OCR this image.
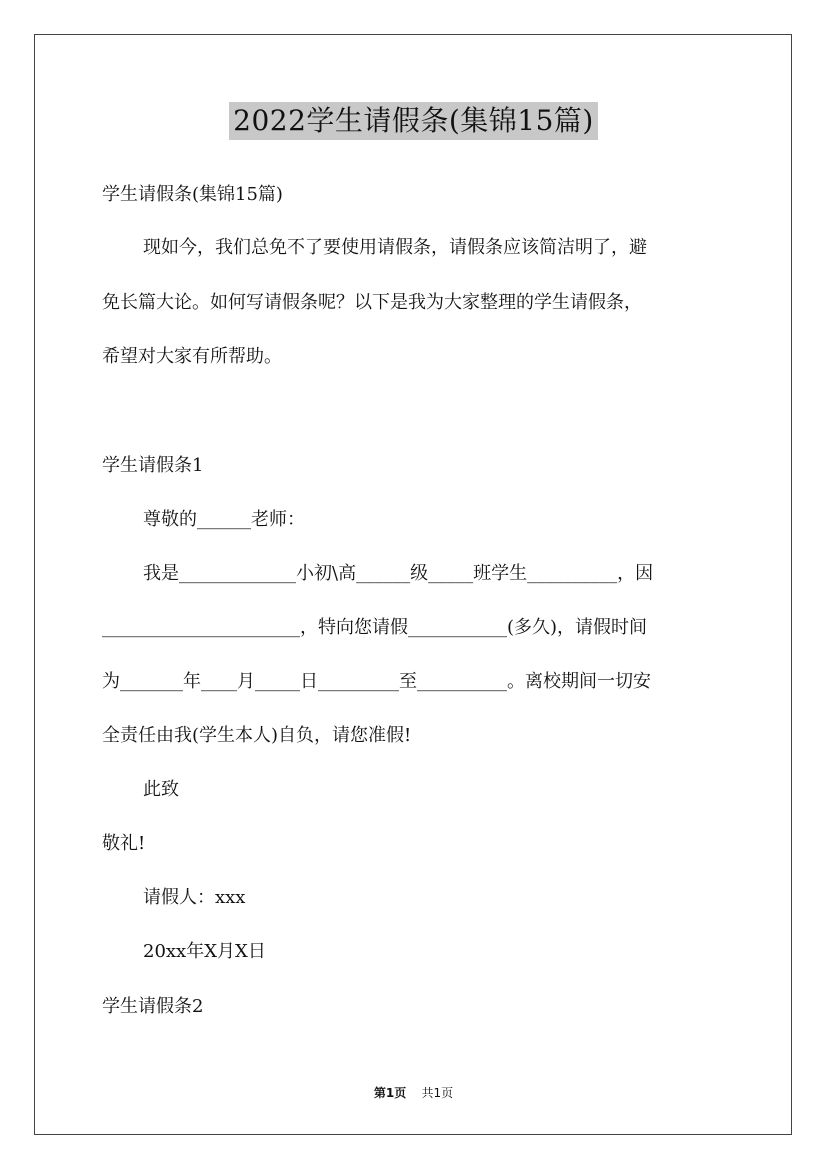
2022学生请假条(集锦15篇)
学生请假条(集锦15篇)
现如今，我们总免不了要使用请假条，请假条应该简洁明了，避
免长篇大论。如何写请假条呢？以下是我为大家整理的学生请假条，
希望对大家有所帮助。
学生请假条1
尊敬的______老师：
我是_____________小初\高______级_____班学生__________，因
______________________，特向您请假___________(多久)，请假时间
为_______年____月_____日_________至__________。离校期间一切安
全责任由我(学生本人)自负，请您准假!
此致
敬礼!
请假人：xxx
20xx年X月X日
学生请假条2
第1页 共1页
